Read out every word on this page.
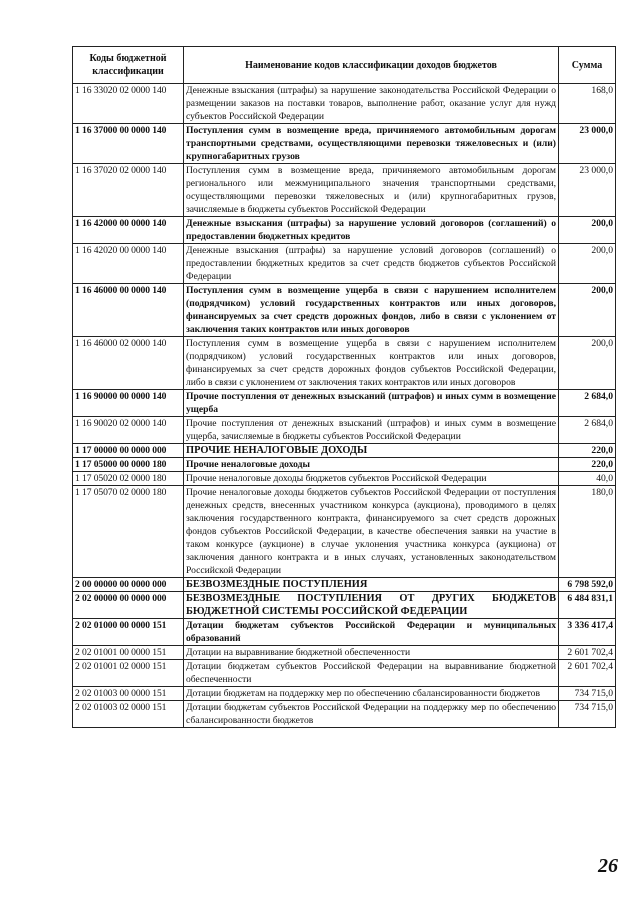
Коды бюджетной классификации	Наименование кодов классификации доходов бюджетов	Сумма
1 16 33020 02 0000 140	Денежные взыскания (штрафы) за нарушение законодательства Российской Федерации о размещении заказов на поставки товаров, выполнение работ, оказание услуг для нужд субъектов Российской Федерации	168,0
1 16 37000 00 0000 140	Поступления сумм в возмещение вреда, причиняемого автомобильным дорогам транспортными средствами, осуществляющими перевозки тяжеловесных и (или) крупногабаритных грузов	23 000,0
1 16 37020 02 0000 140	Поступления сумм в возмещение вреда, причиняемого автомобильным дорогам регионального или межмуниципального значения транспортными средствами, осуществляющими перевозки тяжеловесных и (или) крупногабаритных грузов, зачисляемые в бюджеты субъектов Российской Федерации	23 000,0
1 16 42000 00 0000 140	Денежные взыскания (штрафы) за нарушение условий договоров (соглашений) о предоставлении бюджетных кредитов	200,0
1 16 42020 00 0000 140	Денежные взыскания (штрафы) за нарушение условий договоров (соглашений) о предоставлении бюджетных кредитов за счет средств бюджетов субъектов Российской Федерации	200,0
1 16 46000 00 0000 140	Поступления сумм в возмещение ущерба в связи с нарушением исполнителем (подрядчиком) условий государственных контрактов или иных договоров, финансируемых за счет средств дорожных фондов, либо в связи с уклонением от заключения таких контрактов или иных договоров	200,0
1 16 46000 02 0000 140	Поступления сумм в возмещение ущерба в связи с нарушением исполнителем (подрядчиком) условий государственных контрактов или иных договоров, финансируемых за счет средств дорожных фондов субъектов Российской Федерации, либо в связи с уклонением от заключения таких контрактов или иных договоров	200,0
1 16 90000 00 0000 140	Прочие поступления от денежных взысканий (штрафов) и иных сумм в возмещение ущерба	2 684,0
1 16 90020 02 0000 140	Прочие поступления от денежных взысканий (штрафов) и иных сумм в возмещение ущерба, зачисляемые в бюджеты субъектов Российской Федерации	2 684,0
1 17 00000 00 0000 000	ПРОЧИЕ НЕНАЛОГОВЫЕ ДОХОДЫ	220,0
1 17 05000 00 0000 180	Прочие неналоговые доходы	220,0
1 17 05020 02 0000 180	Прочие неналоговые доходы бюджетов субъектов Российской Федерации	40,0
1 17 05070 02 0000 180	Прочие неналоговые доходы бюджетов субъектов Российской Федерации от поступления денежных средств, внесенных участником конкурса (аукциона), проводимого в целях заключения государственного контракта, финансируемого за счет средств дорожных фондов субъектов Российской Федерации, в качестве обеспечения заявки на участие в таком конкурсе (аукционе) в случае уклонения участника конкурса (аукциона) от заключения данного контракта и в иных случаях, установленных законодательством Российской Федерации	180,0
2 00 00000 00 0000 000	БЕЗВОЗМЕЗДНЫЕ ПОСТУПЛЕНИЯ	6 798 592,0
2 02 00000 00 0000 000	БЕЗВОЗМЕЗДНЫЕ ПОСТУПЛЕНИЯ ОТ ДРУГИХ БЮДЖЕТОВ БЮДЖЕТНОЙ СИСТЕМЫ РОССИЙСКОЙ ФЕДЕРАЦИИ	6 484 831,1
2 02 01000 00 0000 151	Дотации бюджетам субъектов Российской Федерации и муниципальных образований	3 336 417,4
2 02 01001 00 0000 151	Дотации на выравнивание бюджетной обеспеченности	2 601 702,4
2 02 01001 02 0000 151	Дотации бюджетам субъектов Российской Федерации на выравнивание бюджетной обеспеченности	2 601 702,4
2 02 01003 00 0000 151	Дотации бюджетам на поддержку мер по обеспечению сбалансированности бюджетов	734 715,0
2 02 01003 02 0000 151	Дотации бюджетам субъектов Российской Федерации на поддержку мер по обеспечению сбалансированности бюджетов	734 715,0
26
